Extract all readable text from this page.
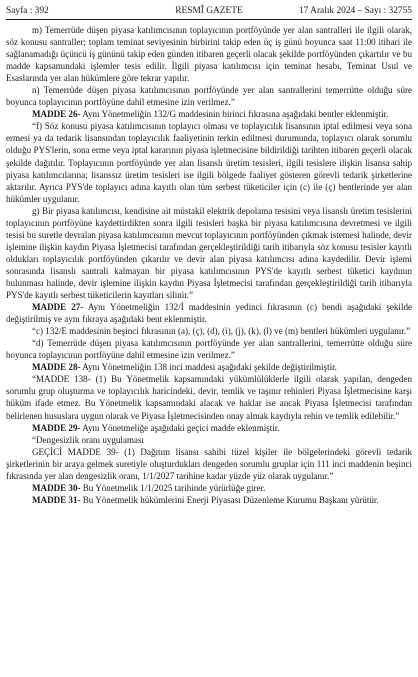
Sayfa : 392	RESMÎ GAZETE	17 Aralık 2024 – Sayı : 32755

m) Temerrüde düşen piyasa katılımcısının toplayıcının portföyünde yer alan santralleri ile ilgili olarak, söz konusu santraller; toplam teminat seviyesinin birbirini takip eden üç iş günü boyunca saat 11:00 itibari ile sağlanamadığı üçüncü iş gününü takip eden günden itibaren geçerli olacak şekilde portföyünden çıkartılır ve bu madde kapsamındaki işlemler tesis edilir. İlgili piyasa katılımcısı için teminat hesabı, Teminat Usul ve Esaslarında yer alan hükümlere göre tekrar yapılır.

n) Temerrüde düşen piyasa katılımcısının portföyünde yer alan santrallerini temerrütte olduğu süre boyunca toplayıcının portföyüne dahil etmesine izin verilmez.”

MADDE 26- Aynı Yönetmeliğin 132/G maddesinin birinci fıkrasına aşağıdaki bentler eklenmiştir.

“f) Söz konusu piyasa katılımcısının toplayıcı olması ve toplayıcılık lisansının iptal edilmesi veya sona ermesi ya da tedarik lisansından toplayıcılık faaliyetinin terkin edilmesi durumunda, toplayıcı olarak sorumlu olduğu PYS'lerin, sona erme veya iptal kararının piyasa işletmecisine bildirildiği tarihten itibaren geçerli olacak şekilde dağıtılır. Toplayıcının portföyünde yer alan lisanslı üretim tesisleri, ilgili tesislere ilişkin lisansa sahip piyasa katılımcılarına; lisanssız üretim tesisleri ise ilgili bölgede faaliyet gösteren görevli tedarik şirketlerine aktarılır. Ayrıca PYS'de toplayıcı adına kayıtlı olan tüm serbest tüketiciler için (c) ile (ç) bentlerinde yer alan hükümler uygulanır.

g) Bir piyasa katılımcısı, kendisine ait müstakil elektrik depolama tesisini veya lisanslı üretim tesislerini toplayıcının portföyüne kaydettirdikten sonra ilgili tesisleri başka bir piyasa katılımcısına devretmesi ve ilgili tesisi bu suretle devralan piyasa katılımcısının mevcut toplayıcının portföyünden çıkmak istemesi halinde, devir işlemine ilişkin kaydın Piyasa İşletmecisi tarafından gerçekleştirildiği tarih itibarıyla söz konusu tesisler kayıtlı oldukları toplayıcılık portföyünden çıkarılır ve devir alan piyasa katılımcısı adına kaydedilir. Devir işlemi sonrasında lisanslı santrali kalmayan bir piyasa katılımcısının PYS'de kayıtlı serbest tüketici kaydının bulunması halinde, devir işlemine ilişkin kaydın Piyasa İşletmecisi tarafından gerçekleştirildiği tarih itibarıyla PYS'de kayıtlı serbest tüketicilerin kayıtları silinir.”

MADDE 27- Aynı Yönetmeliğin 132/İ maddesinin yedinci fıkrasının (c) bendi aşağıdaki şekilde değiştirilmiş ve aynı fıkraya aşağıdaki bent eklenmiştir.

“c) 132/E maddesinin beşinci fıkrasının (a), (ç), (d), (i), (j), (k), (l) ve (m) bentleri hükümleri uygulanır.”

“d) Temerrüde düşen piyasa katılımcısının portföyünde yer alan santrallerini, temerrütte olduğu süre boyunca toplayıcının portföyüne dahil etmesine izin verilmez.”

MADDE 28- Aynı Yönetmeliğin 138 inci maddesi aşağıdaki şekilde değiştirilmiştir.

“MADDE 138- (1) Bu Yönetmelik kapsamındaki yükümlülüklerle ilgili olarak yapılan, dengeden sorumlu grup oluşturma ve toplayıcılık haricindeki, devir, temlik ve taşınır rehinleri Piyasa İşletmecisine karşı hüküm ifade etmez. Bu Yönetmelik kapsamındaki alacak ve haklar ise ancak Piyasa İşletmecisi tarafından belirlenen hususlara uygun olarak ve Piyasa İşletmecisinden onay almak kaydıyla rehin ve temlik edilebilir.”

MADDE 29- Aynı Yönetmeliğe aşağıdaki geçici madde eklenmiştir.

“Dengesizlik oranı uygulaması

GEÇİCİ MADDE 39- (1) Dağıtım lisansı sahibi tüzel kişiler ile bölgelerindeki görevli tedarik şirketlerinin bir araya gelmek suretiyle oluşturdukları dengeden sorumlu gruplar için 111 inci maddenin beşinci fıkrasında yer alan dengesizlik oranı, 1/1/2027 tarihine kadar yüzde yüz olarak uygulanır.”

MADDE 30- Bu Yönetmelik 1/1/2025 tarihinde yürürlüğe girer.

MADDE 31- Bu Yönetmelik hükümlerini Enerji Piyasası Düzenleme Kurumu Başkanı yürütür.
